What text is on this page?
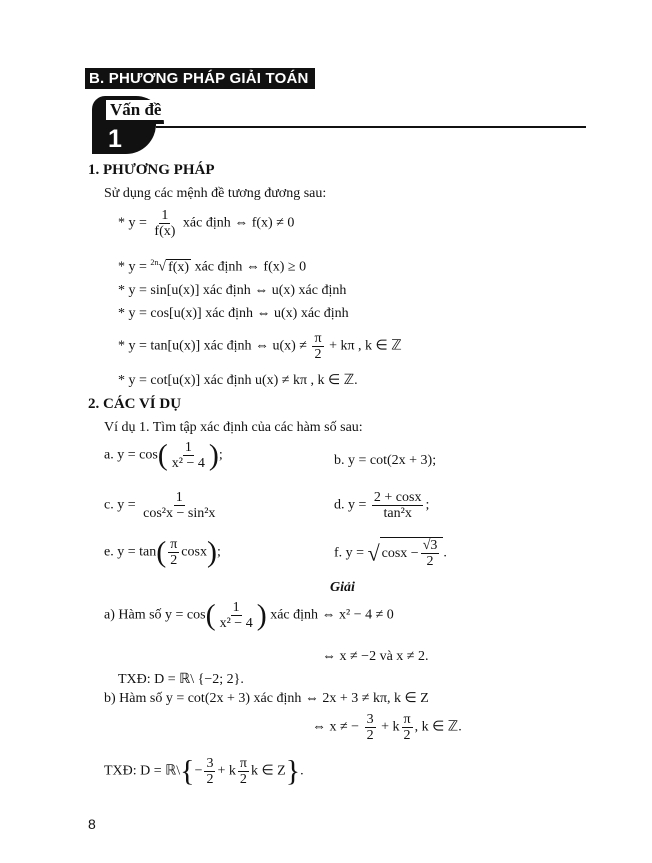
B. PHƯƠNG PHÁP GIẢI TOÁN
Vấn đề
1
1. PHƯƠNG PHÁP
Sử dụng các mệnh đề tương đương sau:
* $y = \frac{1}{f(x)}$ xác định ⇔ f(x) ≠ 0
* y = $^{2n}$√ f(x) xác định ⇔ f(x) ≥ 0
* y = sin[u(x)] xác định ⇔ u(x) xác định
* y = cos[u(x)] xác định ⇔ u(x) xác định
* y = tan[u(x)] xác định ⇔ $u(x) \ne \frac{\pi}{2} + k\pi$ , k ∈ ℤ
* y = cot[u(x)] xác định u(x) ≠ kπ , k ∈ ℤ.
2. CÁC VÍ DỤ
Ví dụ 1. Tìm tập xác định của các hàm số sau:
a. $y = \cos( \frac{1}{\text{x² − 4}}$ );	b. y = cot(2x + 3);
c. $y = \frac{1}{\text{cos²x − sin²x}}$	d. $y = \frac{2 + \cos x}{\text{tan²x}}$ ;
e. $y = \tan( \frac{\pi}{2} \cos x)$;	f. y = √ $\cos x - \frac{√3}{2}$ .
Giải
a) Hàm số $y = \cos( \frac{1}{\text{x² − 4}}$ ) xác định ⇔ x² − 4 ≠ 0
⇔ x ≠ −2 và x ≠ 2.
TXĐ: D = ℝ\ {−2; 2}.
b) Hàm số y = cot(2x + 3) xác định ⇔ 2x + 3 ≠ kπ, k ∈ Z
⇔ x ≠ − $\frac{3}{2} + k \frac{\pi}{2}$ , k ∈ ℤ.
TXĐ: D = ℝ\{− $\frac{3}{2} + k \frac{\pi}{2}$ k ∈ Z}.
8
